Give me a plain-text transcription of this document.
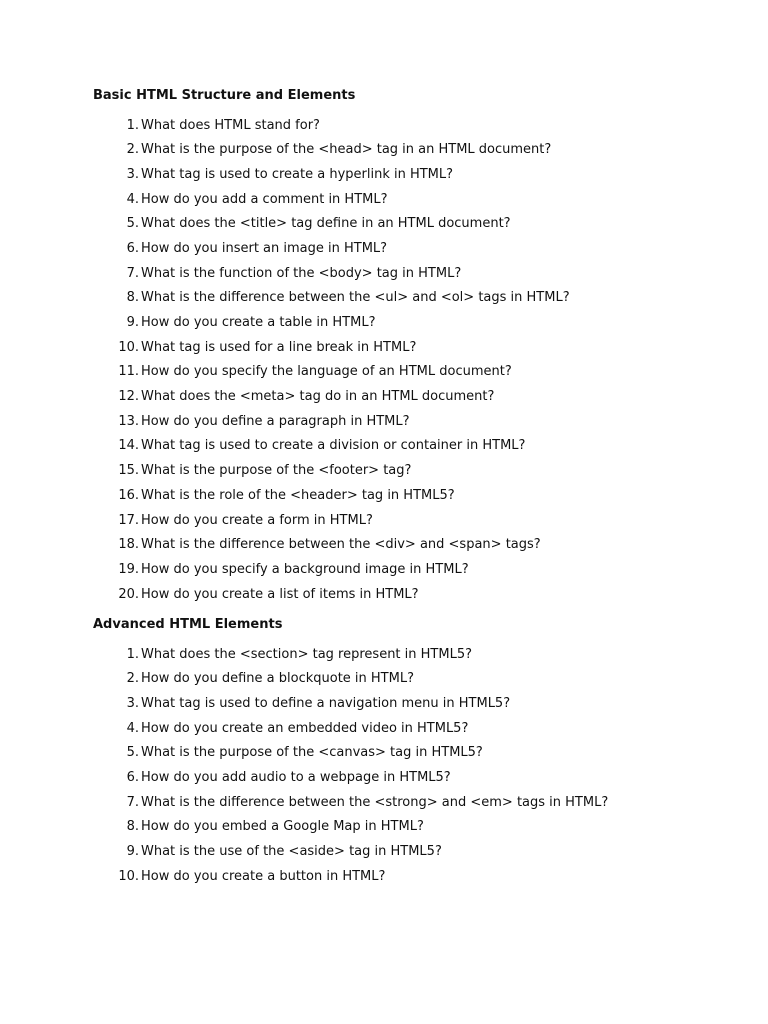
Basic HTML Structure and Elements
1 . What does HTML stand for?
2 . What is the purpose of the <head> tag in an HTML document?
3 . What tag is used to create a hyperlink in HTML?
4 . How do you add a comment in HTML?
5 . What does the <title> tag define in an HTML document?
6 . How do you insert an image in HTML?
7 . What is the function of the <body> tag in HTML?
8 . What is the difference between the <ul> and <ol> tags in HTML?
9 . How do you create a table in HTML?
10 . What tag is used for a line break in HTML?
11 . How do you specify the language of an HTML document?
12 . What does the <meta> tag do in an HTML document?
13 . How do you define a paragraph in HTML?
14 . What tag is used to create a division or container in HTML?
15 . What is the purpose of the <footer> tag?
16 . What is the role of the <header> tag in HTML5?
17 . How do you create a form in HTML?
18 . What is the difference between the <div> and <span> tags?
19 . How do you specify a background image in HTML?
20 . How do you create a list of items in HTML?
Advanced HTML Elements
1 . What does the <section> tag represent in HTML5?
2 . How do you define a blockquote in HTML?
3 . What tag is used to define a navigation menu in HTML5?
4 . How do you create an embedded video in HTML5?
5 . What is the purpose of the <canvas> tag in HTML5?
6 . How do you add audio to a webpage in HTML5?
7 . What is the difference between the <strong> and <em> tags in HTML?
8 . How do you embed a Google Map in HTML?
9 . What is the use of the <aside> tag in HTML5?
10 . How do you create a button in HTML?
